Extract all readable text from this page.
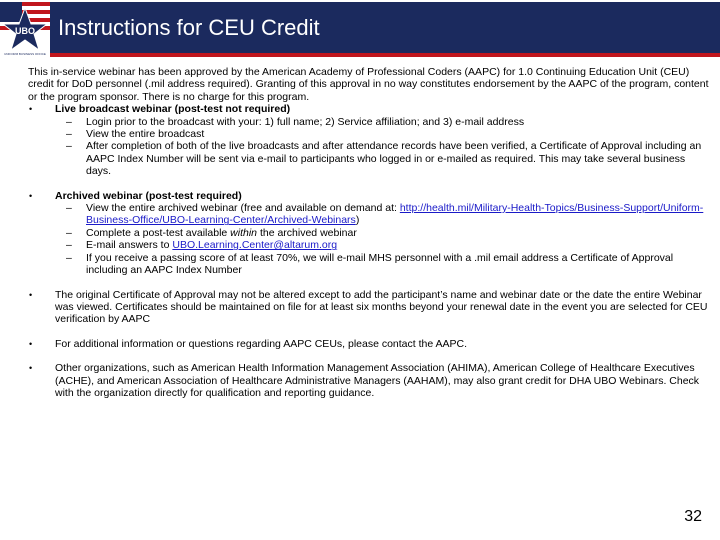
UBO
UNIFORM BUSINESS OFFICE
Instructions for CEU Credit

This in-service webinar has been approved by the American Academy of Professional Coders (AAPC) for 1.0 Continuing Education Unit (CEU) credit for DoD personnel (.mil address required). Granting of this approval in no way constitutes endorsement by the AAPC of the program, content or the program sponsor. There is no charge for this program.

• Live broadcast webinar (post-test not required)
– Login prior to the broadcast with your: 1) full name; 2) Service affiliation; and 3) e-mail address
– View the entire broadcast
– After completion of both of the live broadcasts and after attendance records have been verified, a Certificate of Approval including an AAPC Index Number will be sent via e-mail to participants who logged in or e-mailed as required. This may take several business days.
• Archived webinar (post-test required)
– View the entire archived webinar (free and available on demand at: http://health.mil/Military-Health-Topics/Business-Support/Uniform-Business-Office/UBO-Learning-Center/Archived-Webinars)
– Complete a post-test available within the archived webinar
– E-mail answers to UBO.Learning.Center@altarum.org
– If you receive a passing score of at least 70%, we will e-mail MHS personnel with a .mil email address a Certificate of Approval including an AAPC Index Number
• The original Certificate of Approval may not be altered except to add the participant’s name and webinar date or the date the entire Webinar was viewed. Certificates should be maintained on file for at least six months beyond your renewal date in the event you are selected for CEU verification by AAPC
• For additional information or questions regarding AAPC CEUs, please contact the AAPC.
• Other organizations, such as American Health Information Management Association (AHIMA), American College of Healthcare Executives (ACHE), and American Association of Healthcare Administrative Managers (AAHAM), may also grant credit for DHA UBO Webinars. Check with the organization directly for qualification and reporting guidance.
32
